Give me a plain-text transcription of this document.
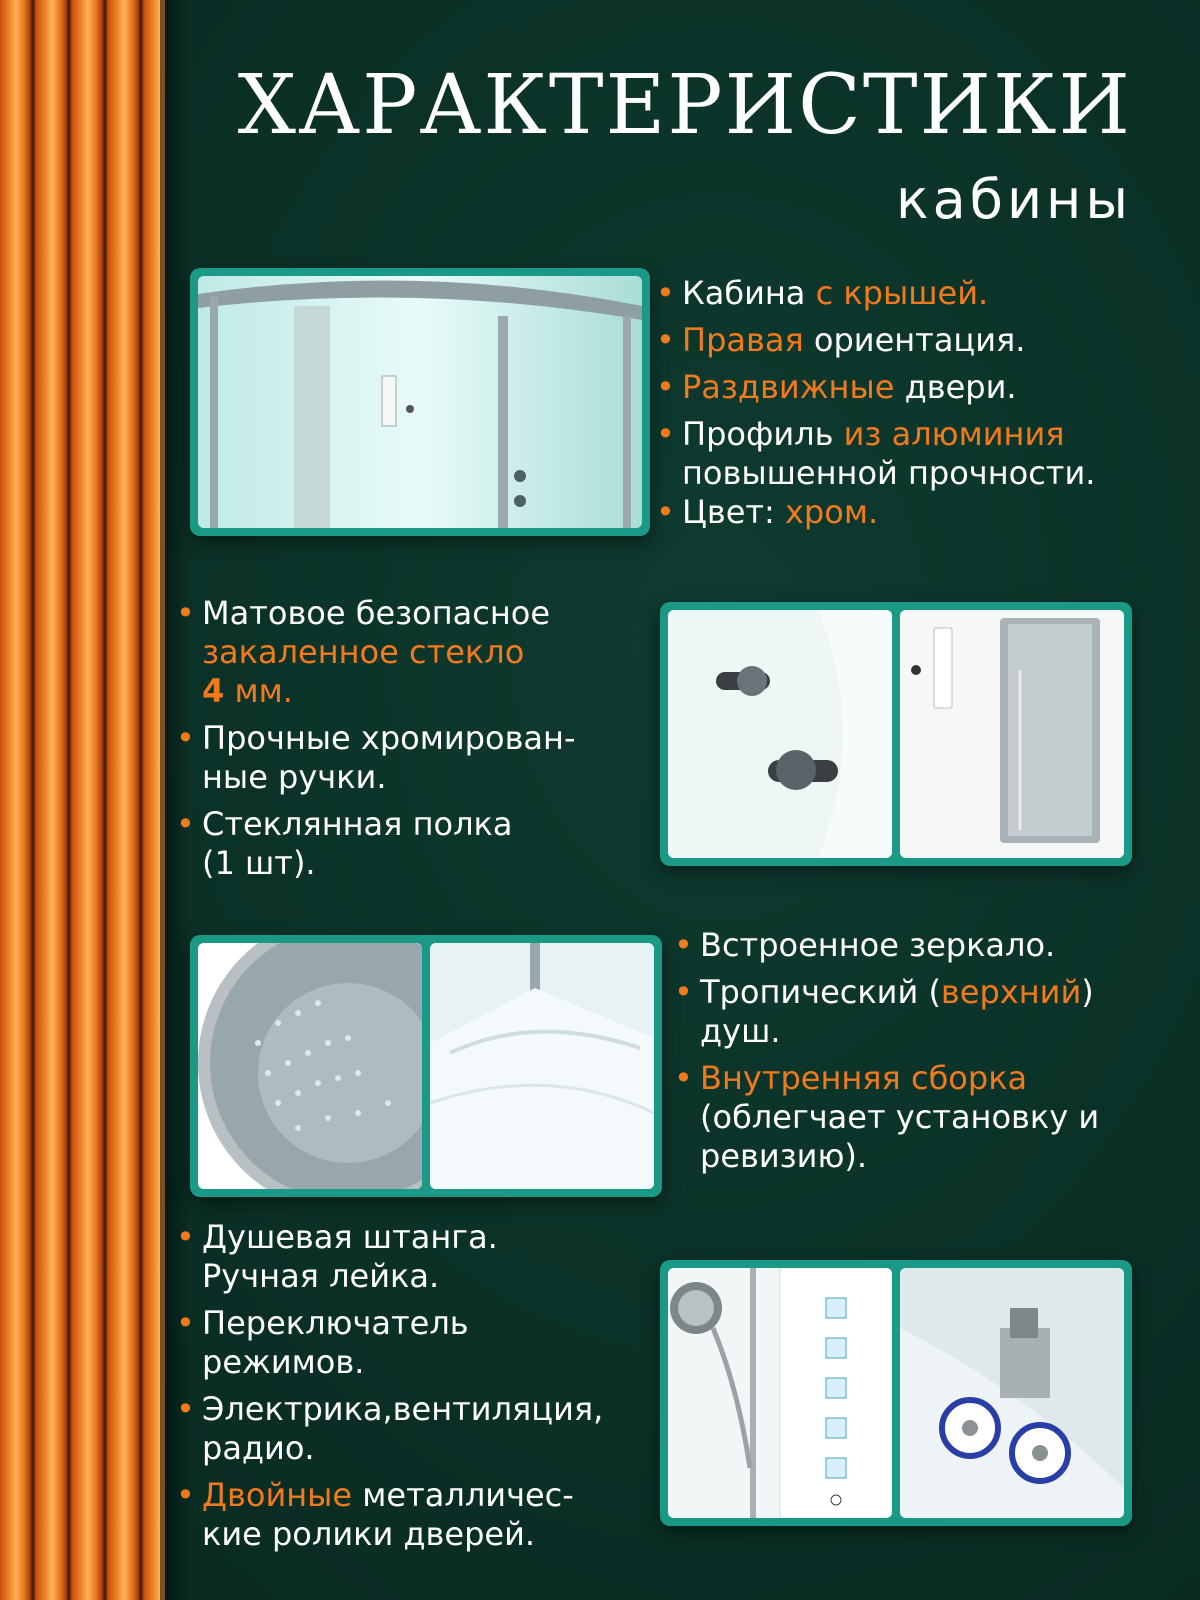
ХАРАКТЕРИСТИКИ
кабины
• Кабина с крышей.
• Правая ориентация.
• Раздвижные двери.
• Профиль из алюминия
повышенной прочности.
• Цвет: хром.
• Матовое безопасное
закаленное стекло
4 мм.
• Прочные хромирован-
ные ручки.
• Стеклянная полка
(1 шт).
• Встроенное зеркало.
• Тропический (верхний)
душ.
• Внутренняя сборка
(облегчает установку и
ревизию).
• Душевая штанга.
Ручная лейка.
• Переключатель
режимов.
• Электрика,вентиляция,
радио.
• Двойные металличес-
кие ролики дверей.
